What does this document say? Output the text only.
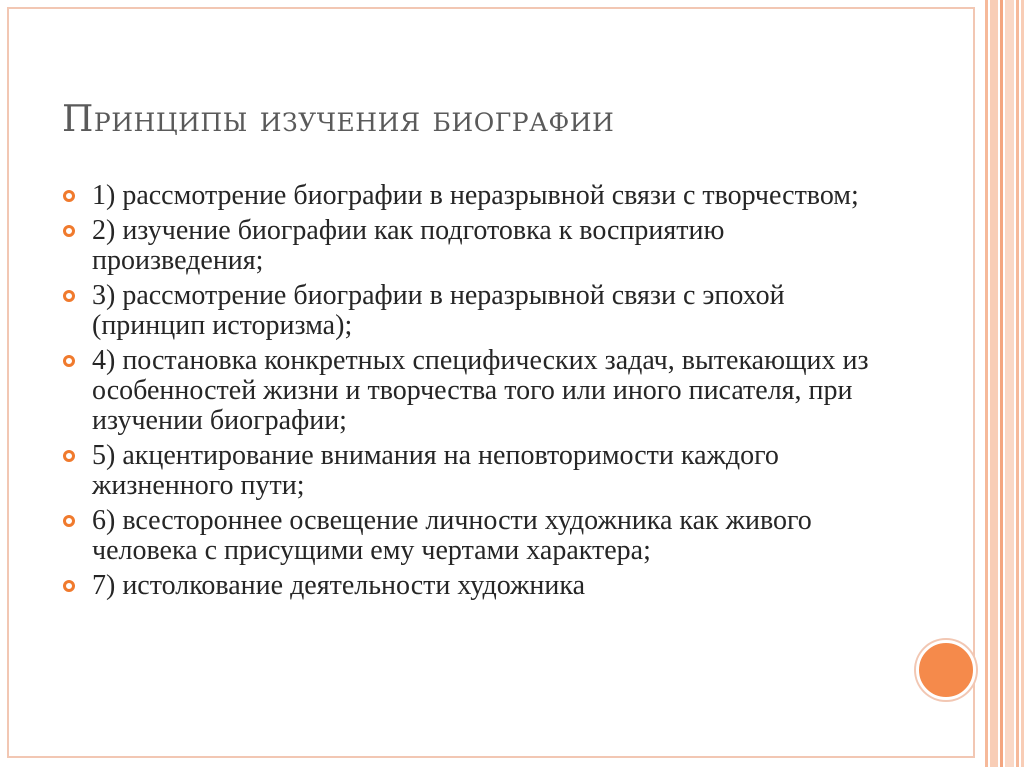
Принципы изучения биографии
1) рассмотрение биографии в неразрывной связи с творчеством;
2) изучение биографии как подготовка к восприятию произведения;
3) рассмотрение биографии в неразрывной связи с эпохой (принцип историзма);
4) постановка конкретных специфических задач, вытекающих из особенностей жизни и творчества того или иного писателя, при изучении биографии;
5) акцентирование внимания на неповторимости каждого жизненного пути;
6) всестороннее освещение личности художника как живого человека с присущими ему чертами характера;
7) истолкование деятельности художника
